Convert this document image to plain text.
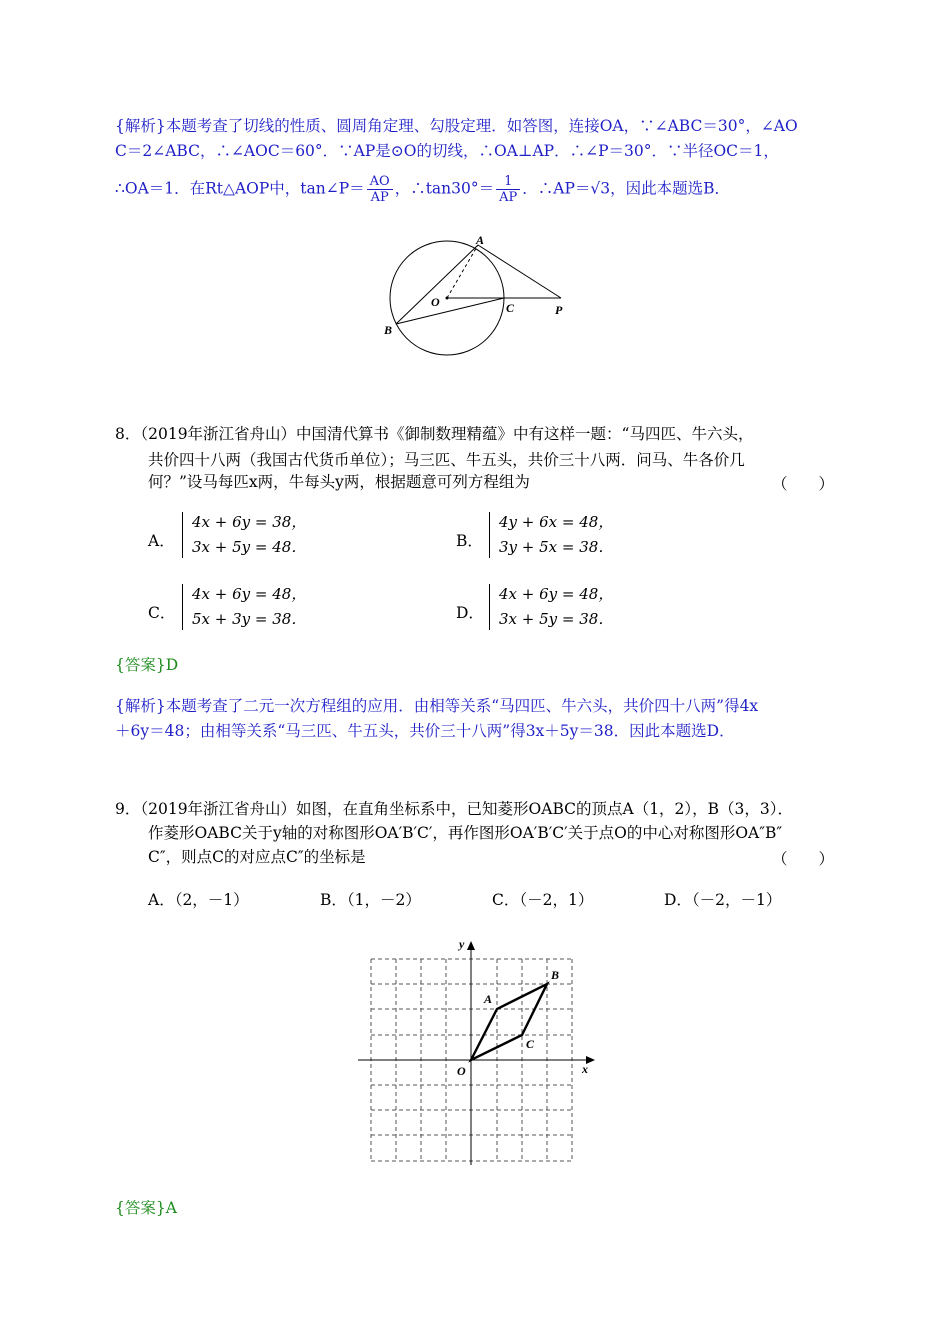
{解析}本题考查了切线的性质、圆周角定理、勾股定理．如答图，连接OA，∵∠ABC＝30°，∠AO
C＝2∠ABC，∴∠AOC＝60°．∵AP是⊙O的切线，∴OA⊥AP．∴∠P＝30°．∵半径OC＝1，
∴OA＝1．在Rt△AOP中，tan∠P＝ $\frac{AO}{AP}$ ，∴tan30°＝ $\frac{1}{AP}$ ．∴AP＝√3，因此本题选B．
A
O	C	P
B
8．（2019年浙江省舟山）中国清代算书《御制数理精蕴》中有这样一题：“马四匹、牛六头，
共价四十八两（我国古代货币单位）；马三匹、牛五头，共价三十八两．问马、牛各价几
何？”设马每匹x两，牛每头y两，根据题意可列方程组为	（　　）
A．
4x + 6y = 38，
3x + 5y = 48．	B．
4y + 6x = 48，
3y + 5x = 38．
C．
4x + 6y = 48，
5x + 3y = 38．	D．
4x + 6y = 48，
3x + 5y = 38．
{答案}D
{解析}本题考查了二元一次方程组的应用．由相等关系“马四匹、牛六头，共价四十八两”得4x
＋6y＝48；由相等关系“马三匹、牛五头，共价三十八两”得3x＋5y＝38．因此本题选D．
9．（2019年浙江省舟山）如图，在直角坐标系中，已知菱形OABC的顶点A（1，2），B（3，3）．
作菱形OABC关于y轴的对称图形OA′B′C′，再作图形OA′B′C′关于点O的中心对称图形OA″B″
C″，则点C的对应点C″的坐标是	（　　）
A．（2，－1）	B．（1，－2）	C．（－2，1）	D．（－2，－1）
y
x
O
A
B
C
{答案}A
